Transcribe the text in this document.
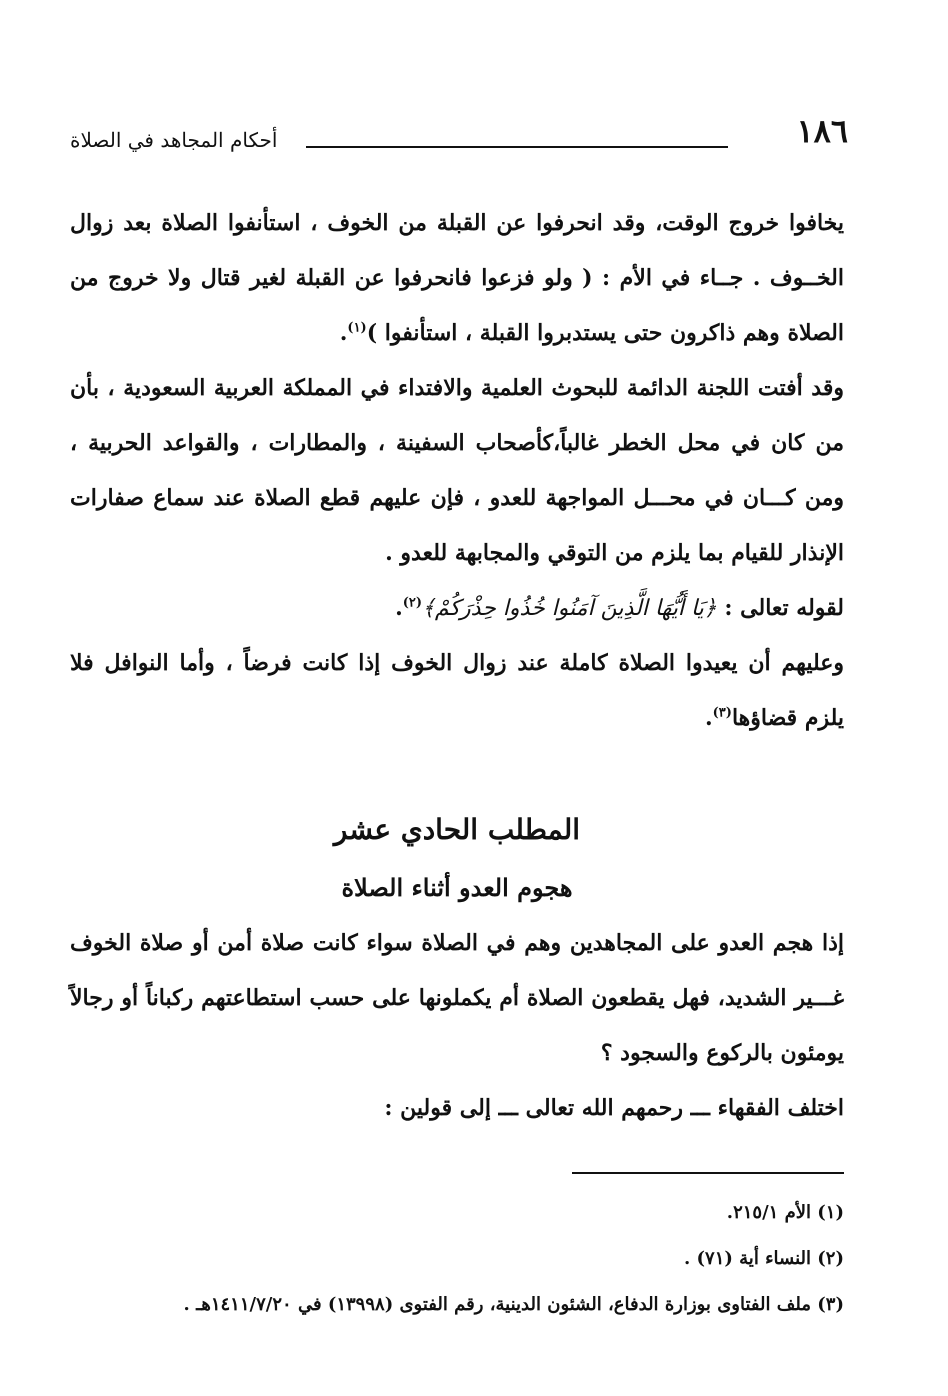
١٨٦
أحكام المجاهد في الصلاة

يخافوا خروج الوقت، وقد انحرفوا عن القبلة من الخوف ، استأنفوا الصلاة بعد زوال الخــوف . جــاء في الأم : ( ولو فزعوا فانحرفوا عن القبلة لغير قتال ولا خروج من الصلاة وهم ذاكرون حتى يستدبروا القبلة ، استأنفوا )$^{(١)}$.

وقد أفتت اللجنة الدائمة للبحوث العلمية والافتداء في المملكة العربية السعودية ، بأن من كان في محل الخطر غالباً،كأصحاب السفينة ، والمطارات ، والقواعد الحربية ، ومن كـــان في محـــل المواجهة للعدو ، فإن عليهم قطع الصلاة عند سماع صفارات الإنذار للقيام بما يلزم من التوقي والمجابهة للعدو .

لقوله تعالى : ﴿يَا أَيُّهَا الَّذِينَ آمَنُوا خُذُوا حِذْرَكُمْ﴾$^{(٢)}$.

وعليهم أن يعيدوا الصلاة كاملة عند زوال الخوف إذا كانت فرضاً ، وأما النوافل فلا يلزم قضاؤها$^{(٣)}$.

المطلب الحادي عشر
هجوم العدو أثناء الصلاة

إذا هجم العدو على المجاهدين وهم في الصلاة سواء كانت صلاة أمن أو صلاة الخوف غـــير الشديد، فهل يقطعون الصلاة أم يكملونها على حسب استطاعتهم ركباناً أو رجالاً يومئون بالركوع والسجود ؟

اختلف الفقهاء ـــ رحمهم الله تعالى ـــ إلى قولين :

(١) الأم ٢١٥/١.

(٢) النساء أية (٧١) .

(٣) ملف الفتاوى بوزارة الدفاع، الشئون الدينية، رقم الفتوى (١٣٩٩٨) في ١٤١١/٧/٢٠هـ .
